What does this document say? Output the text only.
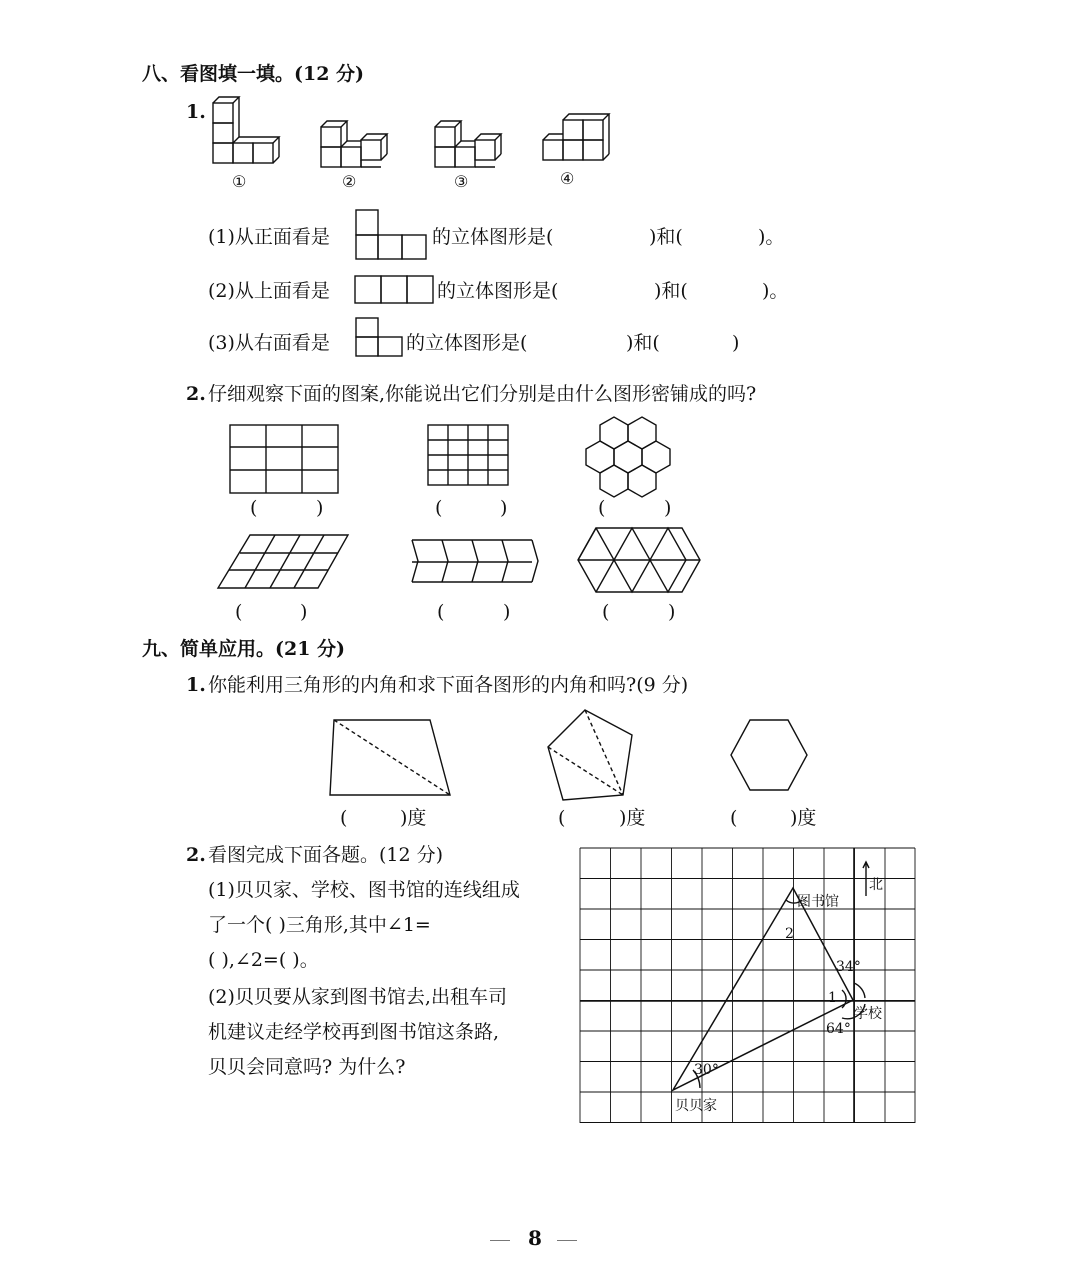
八、看图填一填。(12 分)
1.
①	②	③	④
(1)从正面看是	的立体图形是(	)和(	)。
(2)从上面看是	的立体图形是(	)和(	)。
(3)从右面看是	的立体图形是(	)和(	)
2. 仔细观察下面的图案,你能说出它们分别是由什么图形密铺成的吗?
(	)	(	)	(	)
(	)	(	)	(	)
九、简单应用。(21 分)
1. 你能利用三角形的内角和求下面各图形的内角和吗?(9 分)
(	)度	(	)度	(	)度
2. 看图完成下面各题。(12 分)
(1)贝贝家、学校、图书馆的连线组成
了一个( )三角形,其中∠1=
( ),∠2=( )。
(2)贝贝要从家到图书馆去,出租车司
机建议走经学校再到图书馆这条路,
贝贝会同意吗? 为什么?
北
图书馆
2
34°
1
学校
64°
30°
贝贝家
8
